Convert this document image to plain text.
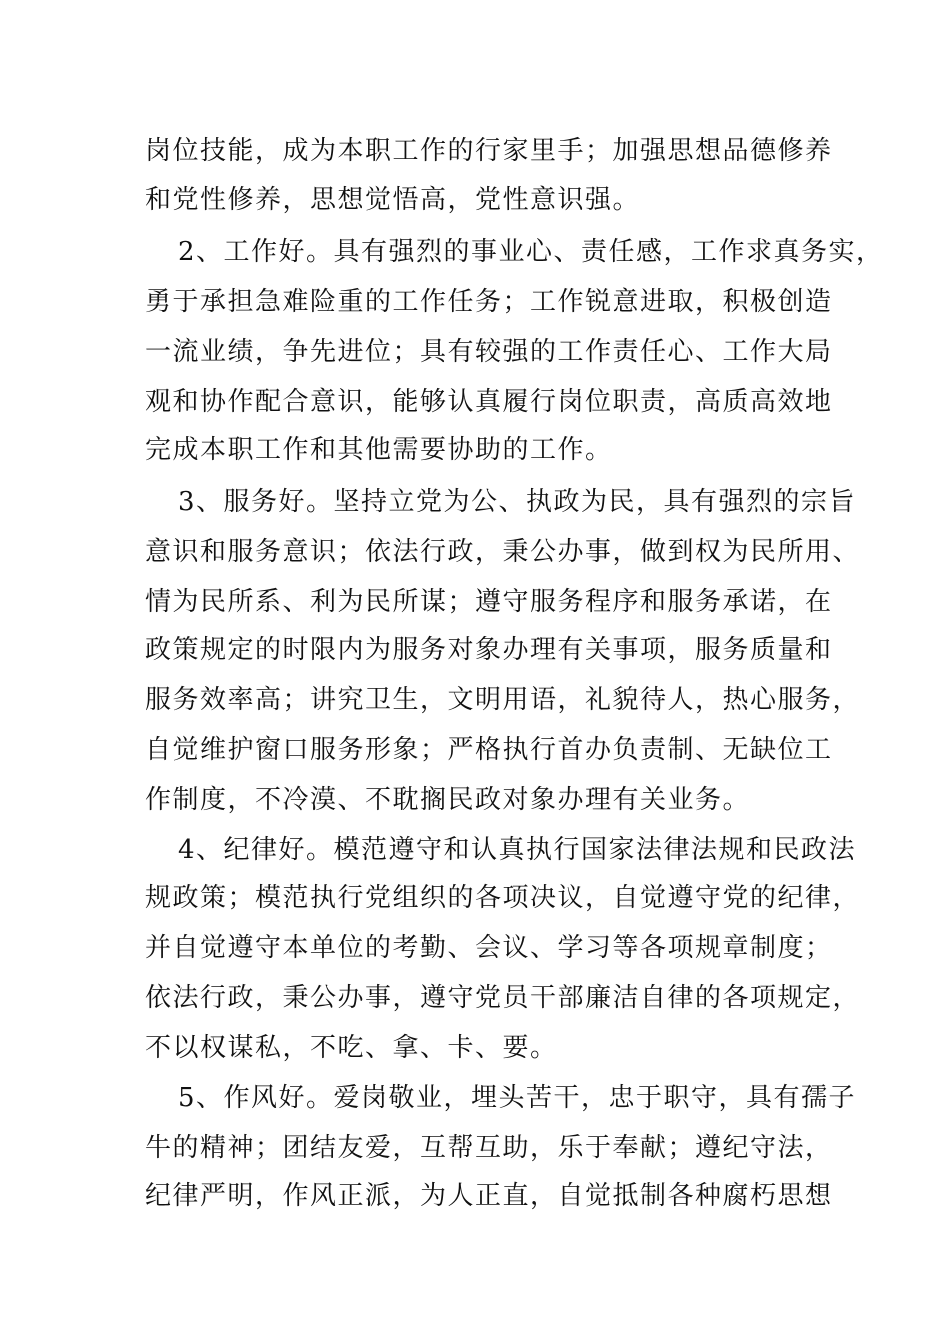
岗位技能，成为本职工作的行家里手；加强思想品德修养
和党性修养，思想觉悟高，党性意识强。
2、工作好。具有强烈的事业心、责任感，工作求真务实，
勇于承担急难险重的工作任务；工作锐意进取，积极创造
一流业绩，争先进位；具有较强的工作责任心、工作大局
观和协作配合意识，能够认真履行岗位职责，高质高效地
完成本职工作和其他需要协助的工作。
3、服务好。坚持立党为公、执政为民，具有强烈的宗旨
意识和服务意识；依法行政，秉公办事，做到权为民所用、
情为民所系、利为民所谋；遵守服务程序和服务承诺，在
政策规定的时限内为服务对象办理有关事项，服务质量和
服务效率高；讲究卫生，文明用语，礼貌待人，热心服务，
自觉维护窗口服务形象；严格执行首办负责制、无缺位工
作制度，不冷漠、不耽搁民政对象办理有关业务。
4、纪律好。模范遵守和认真执行国家法律法规和民政法
规政策；模范执行党组织的各项决议，自觉遵守党的纪律，
并自觉遵守本单位的考勤、会议、学习等各项规章制度；
依法行政，秉公办事，遵守党员干部廉洁自律的各项规定，
不以权谋私，不吃、拿、卡、要。
5、作风好。爱岗敬业，埋头苦干，忠于职守，具有孺子
牛的精神；团结友爱，互帮互助，乐于奉献；遵纪守法，
纪律严明，作风正派，为人正直，自觉抵制各种腐朽思想
